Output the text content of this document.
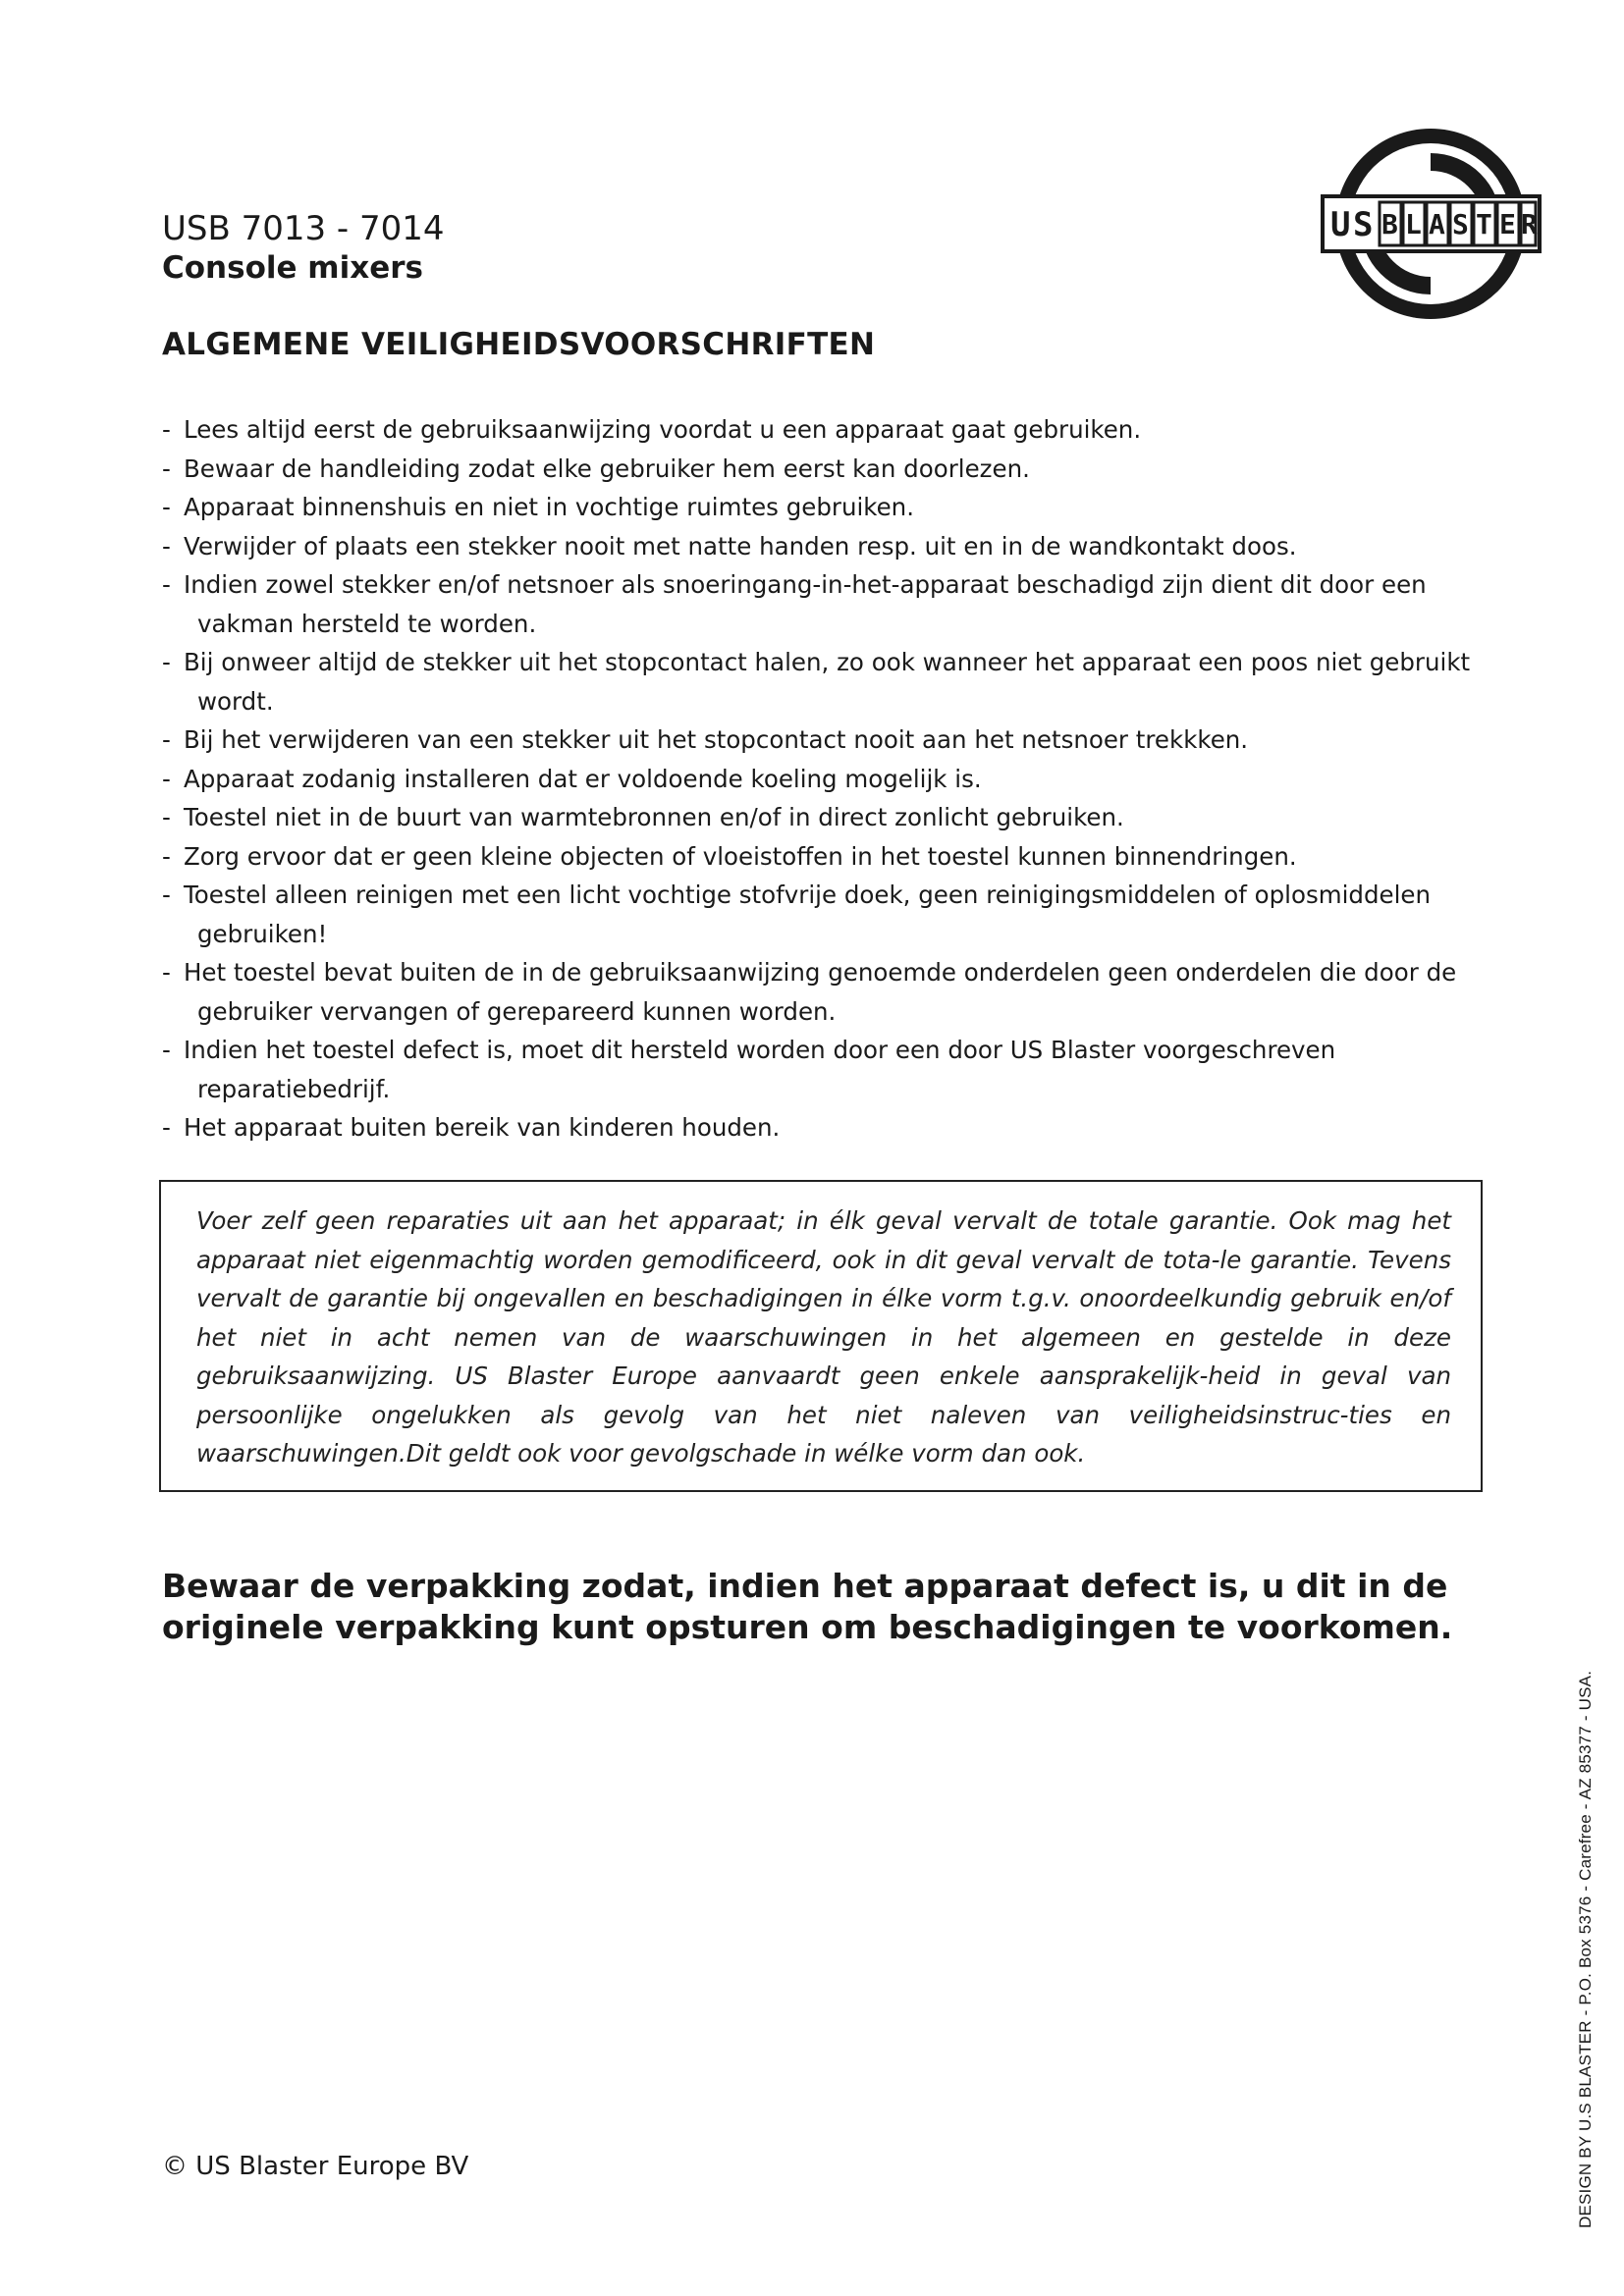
U S B L A S T E R
USB 7013 - 7014
Console mixers
ALGEMENE VEILIGHEIDSVOORSCHRIFTEN
- Lees altijd eerst de gebruiksaanwijzing voordat u een apparaat gaat gebruiken.
- Bewaar de handleiding zodat elke gebruiker hem eerst kan doorlezen.
- Apparaat binnenshuis en niet in vochtige ruimtes gebruiken.
- Verwijder of plaats een stekker nooit met natte handen resp. uit en in de wandkontakt doos.
- Indien zowel stekker en/of netsnoer als snoeringang-in-het-apparaat beschadigd zijn dient dit door een vakman hersteld te worden.
- Bij onweer altijd de stekker uit het stopcontact halen, zo ook wanneer het apparaat een poos niet gebruikt wordt.
- Bij het verwijderen van een stekker uit het stopcontact nooit aan het netsnoer trekkken.
- Apparaat zodanig installeren dat er voldoende koeling mogelijk is.
- Toestel niet in de buurt van warmtebronnen en/of in direct zonlicht gebruiken.
- Zorg ervoor dat er geen kleine objecten of vloeistoffen in het toestel kunnen binnendringen.
- Toestel alleen reinigen met een licht vochtige stofvrije doek, geen reinigingsmiddelen of oplosmiddelen gebruiken!
- Het toestel bevat buiten de in de gebruiksaanwijzing genoemde onderdelen geen onderdelen die door de gebruiker vervangen of gerepareerd kunnen worden.
- Indien het toestel defect is, moet dit hersteld worden door een door US Blaster voorgeschreven reparatiebedrijf.
- Het apparaat buiten bereik van kinderen houden.

Voer zelf geen reparaties uit aan het apparaat; in élk geval vervalt de totale garantie. Ook mag het apparaat niet eigenmachtig worden gemodificeerd, ook in dit geval vervalt de tota-le garantie. Tevens vervalt de garantie bij ongevallen en beschadigingen in élke vorm t.g.v. onoordeelkundig gebruik en/of het niet in acht nemen van de waarschuwingen in het algemeen en gestelde in deze gebruiksaanwijzing. US Blaster Europe aanvaardt geen enkele aansprakelijk-heid in geval van persoonlijke ongelukken als gevolg van het niet naleven van veiligheidsinstruc-ties en waarschuwingen.Dit geldt ook voor gevolgschade in wélke vorm dan ook.

Bewaar de verpakking zodat, indien het apparaat defect is, u dit in de originele verpakking kunt opsturen om beschadigingen te voorkomen.
© US Blaster Europe BV	DESIGN BY U.S BLASTER - P.O. Box 5376 - Carefree - AZ 85377 - USA.
